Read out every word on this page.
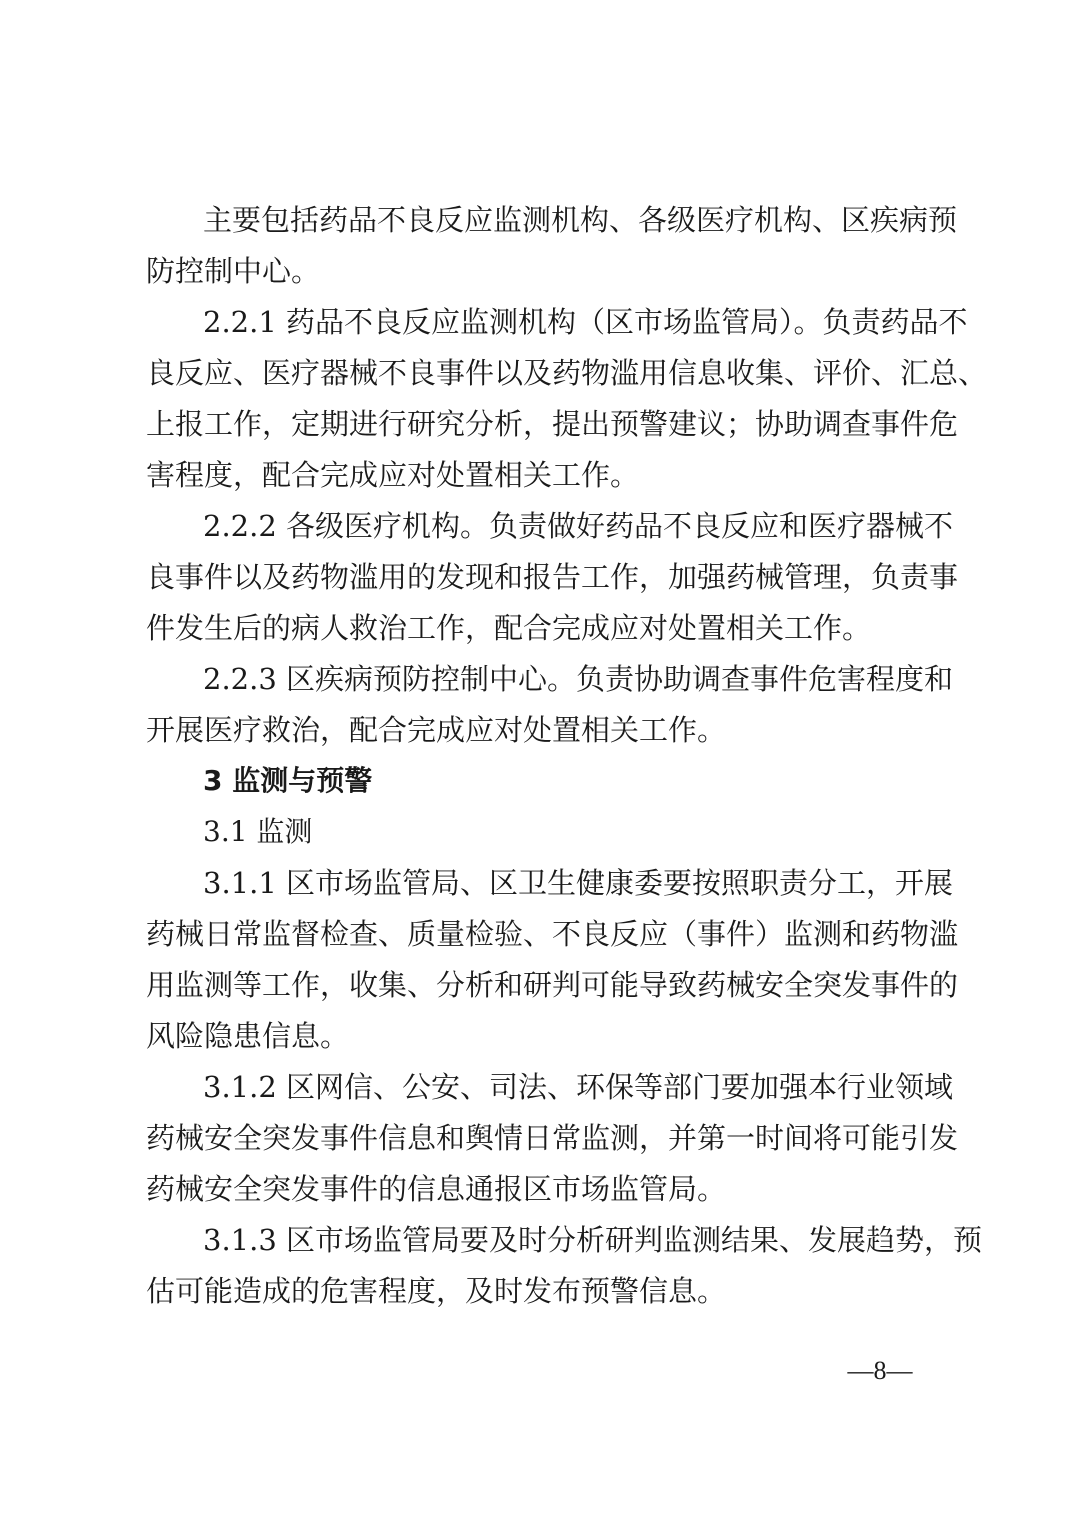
主要包括药品不良反应监测机构、各级医疗机构、区疾病预
防控制中心。
2.2.1 药品不良反应监测机构（区市场监管局）。负责药品不
良反应、医疗器械不良事件以及药物滥用信息收集、评价、汇总、
上报工作，定期进行研究分析，提出预警建议；协助调查事件危
害程度，配合完成应对处置相关工作。
2.2.2 各级医疗机构。负责做好药品不良反应和医疗器械不
良事件以及药物滥用的发现和报告工作，加强药械管理，负责事
件发生后的病人救治工作，配合完成应对处置相关工作。
2.2.3 区疾病预防控制中心。负责协助调查事件危害程度和
开展医疗救治，配合完成应对处置相关工作。
3 监测与预警
3.1 监测
3.1.1 区市场监管局、区卫生健康委要按照职责分工，开展
药械日常监督检查、质量检验、不良反应（事件）监测和药物滥
用监测等工作，收集、分析和研判可能导致药械安全突发事件的
风险隐患信息。
3.1.2 区网信、公安、司法、环保等部门要加强本行业领域
药械安全突发事件信息和舆情日常监测，并第一时间将可能引发
药械安全突发事件的信息通报区市场监管局。
3.1.3 区市场监管局要及时分析研判监测结果、发展趋势，预
估可能造成的危害程度，及时发布预警信息。
—8—
